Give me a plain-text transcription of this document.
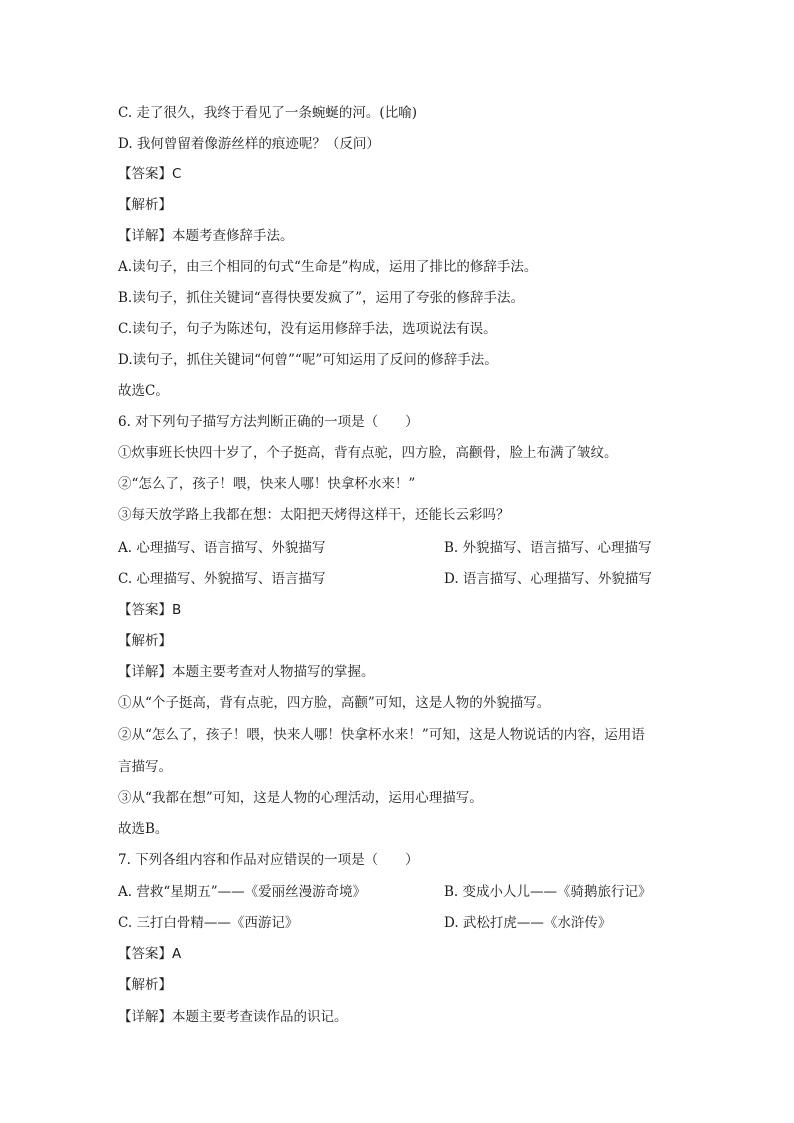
C. 走了很久，我终于看见了一条蜿蜒的河。(比喻)
D. 我何曾留着像游丝样的痕迹呢？（反问）
【答案】C
【解析】
【详解】本题考查修辞手法。
A.读句子，由三个相同的句式“生命是”构成，运用了排比的修辞手法。
B.读句子，抓住关键词“喜得快要发疯了”，运用了夸张的修辞手法。
C.读句子，句子为陈述句，没有运用修辞手法，选项说法有误。
D.读句子，抓住关键词“何曾”“呢”可知运用了反问的修辞手法。
故选C。
6. 对下列句子描写方法判断正确的一项是（　　）
①炊事班长快四十岁了，个子挺高，背有点驼，四方脸，高颧骨，脸上布满了皱纹。
②“怎么了，孩子！喂，快来人哪！快拿杯水来！”
③每天放学路上我都在想：太阳把天烤得这样干，还能长云彩吗？
A. 心理描写、语言描写、外貌描写	B. 外貌描写、语言描写、心理描写
C. 心理描写、外貌描写、语言描写	D. 语言描写、心理描写、外貌描写
【答案】B
【解析】
【详解】本题主要考查对人物描写的掌握。
①从“个子挺高，背有点驼，四方脸，高颧”可知，这是人物的外貌描写。
②从“怎么了，孩子！喂，快来人哪！快拿杯水来！”可知，这是人物说话的内容，运用语
言描写。
③从“我都在想”可知，这是人物的心理活动，运用心理描写。
故选B。
7. 下列各组内容和作品对应错误的一项是（　　）
A. 营救“星期五”——《爱丽丝漫游奇境》	B. 变成小人儿——《骑鹅旅行记》
C. 三打白骨精——《西游记》	D. 武松打虎——《水浒传》
【答案】A
【解析】
【详解】本题主要考查读作品的识记。
